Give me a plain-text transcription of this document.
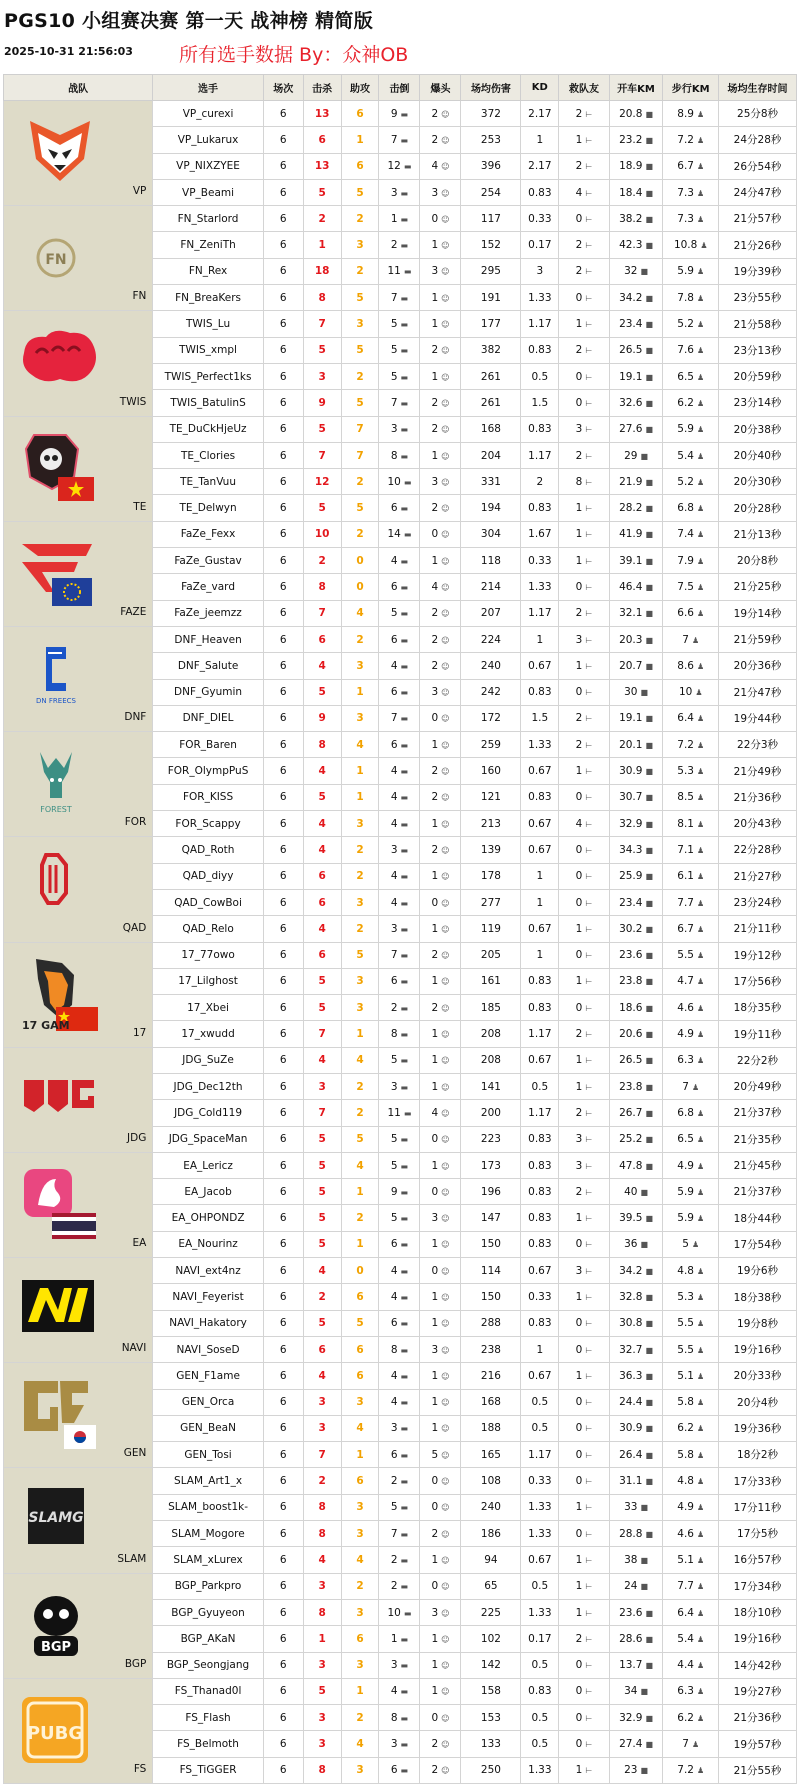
PGS10 小组赛决赛 第一天 战神榜 精简版
2025-10-31 21:56:03 所有选手数据 By：众神OB
战队	选手	场次	击杀	助攻	击倒	爆头	场均伤害	KD	救队友	开车KM	步行KM	场均生存时间

VP	VP_curexi	6	13	6	9 ▬	2 ☺	372	2.17	2 ⊢	20.8 ■	8.9 ♟	25分8秒
	VP_Lukarux	6	6	1	7 ▬	2 ☺	253	1	1 ⊢	23.2 ■	7.2 ♟	24分28秒
	VP_NIXZYEE	6	13	6	12 ▬	4 ☺	396	2.17	2 ⊢	18.9 ■	6.7 ♟	26分54秒
	VP_Beami	6	5	5	3 ▬	3 ☺	254	0.83	4 ⊢	18.4 ■	7.3 ♟	24分47秒

FN
FN	FN_Starlord	6	2	2	1 ▬	0 ☺	117	0.33	0 ⊢	38.2 ■	7.3 ♟	21分57秒
	FN_ZeniTh	6	1	3	2 ▬	1 ☺	152	0.17	2 ⊢	42.3 ■	10.8 ♟	21分26秒
	FN_Rex	6	18	2	11 ▬	3 ☺	295	3	2 ⊢	32 ■	5.9 ♟	19分39秒
	FN_BreaKers	6	8	5	7 ▬	1 ☺	191	1.33	0 ⊢	34.2 ■	7.8 ♟	23分55秒

TWIS	TWIS_Lu	6	7	3	5 ▬	1 ☺	177	1.17	1 ⊢	23.4 ■	5.2 ♟	21分58秒
	TWIS_xmpl	6	5	5	5 ▬	2 ☺	382	0.83	2 ⊢	26.5 ■	7.6 ♟	23分13秒
	TWIS_Perfect1ks	6	3	2	5 ▬	1 ☺	261	0.5	0 ⊢	19.1 ■	6.5 ♟	20分59秒
	TWIS_BatulinS	6	9	5	7 ▬	2 ☺	261	1.5	0 ⊢	32.6 ■	6.2 ♟	23分14秒

TE	TE_DuCkHjeUz	6	5	7	3 ▬	2 ☺	168	0.83	3 ⊢	27.6 ■	5.9 ♟	20分38秒
	TE_Clories	6	7	7	8 ▬	1 ☺	204	1.17	2 ⊢	29 ■	5.4 ♟	20分40秒
	TE_TanVuu	6	12	2	10 ▬	3 ☺	331	2	8 ⊢	21.9 ■	5.2 ♟	20分30秒
	TE_Delwyn	6	5	5	6 ▬	2 ☺	194	0.83	1 ⊢	28.2 ■	6.8 ♟	20分28秒

FAZE	FaZe_Fexx	6	10	2	14 ▬	0 ☺	304	1.67	1 ⊢	41.9 ■	7.4 ♟	21分13秒
	FaZe_Gustav	6	2	0	4 ▬	1 ☺	118	0.33	1 ⊢	39.1 ■	7.9 ♟	20分8秒
	FaZe_vard	6	8	0	6 ▬	4 ☺	214	1.33	0 ⊢	46.4 ■	7.5 ♟	21分25秒
	FaZe_jeemzz	6	7	4	5 ▬	2 ☺	207	1.17	2 ⊢	32.1 ■	6.6 ♟	19分14秒

DN FREECS
DNF	DNF_Heaven	6	6	2	6 ▬	2 ☺	224	1	3 ⊢	20.3 ■	7 ♟	21分59秒
	DNF_Salute	6	4	3	4 ▬	2 ☺	240	0.67	1 ⊢	20.7 ■	8.6 ♟	20分36秒
	DNF_Gyumin	6	5	1	6 ▬	3 ☺	242	0.83	0 ⊢	30 ■	10 ♟	21分47秒
	DNF_DIEL	6	9	3	7 ▬	0 ☺	172	1.5	2 ⊢	19.1 ■	6.4 ♟	19分44秒

FOREST
FOR	FOR_Baren	6	8	4	6 ▬	1 ☺	259	1.33	2 ⊢	20.1 ■	7.2 ♟	22分3秒
	FOR_OlympPuS	6	4	1	4 ▬	2 ☺	160	0.67	1 ⊢	30.9 ■	5.3 ♟	21分49秒
	FOR_KISS	6	5	1	4 ▬	2 ☺	121	0.83	0 ⊢	30.7 ■	8.5 ♟	21分36秒
	FOR_Scappy	6	4	3	4 ▬	1 ☺	213	0.67	4 ⊢	32.9 ■	8.1 ♟	20分43秒

QAD	QAD_Roth	6	4	2	3 ▬	2 ☺	139	0.67	0 ⊢	34.3 ■	7.1 ♟	22分28秒
	QAD_diyy	6	6	2	4 ▬	1 ☺	178	1	0 ⊢	25.9 ■	6.1 ♟	21分27秒
	QAD_CowBoi	6	6	3	4 ▬	0 ☺	277	1	0 ⊢	23.4 ■	7.7 ♟	23分24秒
	QAD_Relo	6	4	2	3 ▬	1 ☺	119	0.67	1 ⊢	30.2 ■	6.7 ♟	21分11秒

17 GAM
17	17_77owo	6	6	5	7 ▬	2 ☺	205	1	0 ⊢	23.6 ■	5.5 ♟	19分12秒
	17_Lilghost	6	5	3	6 ▬	1 ☺	161	0.83	1 ⊢	23.8 ■	4.7 ♟	17分56秒
	17_Xbei	6	5	3	2 ▬	2 ☺	185	0.83	0 ⊢	18.6 ■	4.6 ♟	18分35秒
	17_xwudd	6	7	1	8 ▬	1 ☺	208	1.17	2 ⊢	20.6 ■	4.9 ♟	19分11秒

JDG	JDG_SuZe	6	4	4	5 ▬	1 ☺	208	0.67	1 ⊢	26.5 ■	6.3 ♟	22分2秒
	JDG_Dec12th	6	3	2	3 ▬	1 ☺	141	0.5	1 ⊢	23.8 ■	7 ♟	20分49秒
	JDG_Cold119	6	7	2	11 ▬	4 ☺	200	1.17	2 ⊢	26.7 ■	6.8 ♟	21分37秒
	JDG_SpaceMan	6	5	5	5 ▬	0 ☺	223	0.83	3 ⊢	25.2 ■	6.5 ♟	21分35秒

EA	EA_Lericz	6	5	4	5 ▬	1 ☺	173	0.83	3 ⊢	47.8 ■	4.9 ♟	21分45秒
	EA_Jacob	6	5	1	9 ▬	0 ☺	196	0.83	2 ⊢	40 ■	5.9 ♟	21分37秒
	EA_OHPONDZ	6	5	2	5 ▬	3 ☺	147	0.83	1 ⊢	39.5 ■	5.9 ♟	18分44秒
	EA_Nourinz	6	5	1	6 ▬	1 ☺	150	0.83	0 ⊢	36 ■	5 ♟	17分54秒

NAVI	NAVI_ext4nz	6	4	0	4 ▬	0 ☺	114	0.67	3 ⊢	34.2 ■	4.8 ♟	19分6秒
	NAVI_Feyerist	6	2	6	4 ▬	1 ☺	150	0.33	1 ⊢	32.8 ■	5.3 ♟	18分38秒
	NAVI_Hakatory	6	5	5	6 ▬	1 ☺	288	0.83	0 ⊢	30.8 ■	5.5 ♟	19分8秒
	NAVI_SoseD	6	6	6	8 ▬	3 ☺	238	1	0 ⊢	32.7 ■	5.5 ♟	19分16秒

GEN	GEN_F1ame	6	4	6	4 ▬	1 ☺	216	0.67	1 ⊢	36.3 ■	5.1 ♟	20分33秒
	GEN_Orca	6	3	3	4 ▬	1 ☺	168	0.5	0 ⊢	24.4 ■	5.8 ♟	20分4秒
	GEN_BeaN	6	3	4	3 ▬	1 ☺	188	0.5	0 ⊢	30.9 ■	6.2 ♟	19分36秒
	GEN_Tosi	6	7	1	6 ▬	5 ☺	165	1.17	0 ⊢	26.4 ■	5.8 ♟	18分2秒

SLAMG
SLAM	SLAM_Art1_x	6	2	6	2 ▬	0 ☺	108	0.33	0 ⊢	31.1 ■	4.8 ♟	17分33秒
	SLAM_boost1k-	6	8	3	5 ▬	0 ☺	240	1.33	1 ⊢	33 ■	4.9 ♟	17分11秒
	SLAM_Mogore	6	8	3	7 ▬	2 ☺	186	1.33	0 ⊢	28.8 ■	4.6 ♟	17分5秒
	SLAM_xLurex	6	4	4	2 ▬	1 ☺	94	0.67	1 ⊢	38 ■	5.1 ♟	16分57秒

BGP
BGP	BGP_Parkpro	6	3	2	2 ▬	0 ☺	65	0.5	1 ⊢	24 ■	7.7 ♟	17分34秒
	BGP_Gyuyeon	6	8	3	10 ▬	3 ☺	225	1.33	1 ⊢	23.6 ■	6.4 ♟	18分10秒
	BGP_AKaN	6	1	6	1 ▬	1 ☺	102	0.17	2 ⊢	28.6 ■	5.4 ♟	19分16秒
	BGP_Seongjang	6	3	3	3 ▬	1 ☺	142	0.5	0 ⊢	13.7 ■	4.4 ♟	14分42秒

PUBG
FS	FS_Thanad0l	6	5	1	4 ▬	1 ☺	158	0.83	0 ⊢	34 ■	6.3 ♟	19分27秒
	FS_Flash	6	3	2	8 ▬	0 ☺	153	0.5	0 ⊢	32.9 ■	6.2 ♟	21分36秒
	FS_Belmoth	6	3	4	3 ▬	2 ☺	133	0.5	0 ⊢	27.4 ■	7 ♟	19分57秒
	FS_TiGGER	6	8	3	6 ▬	2 ☺	250	1.33	1 ⊢	23 ■	7.2 ♟	21分55秒
